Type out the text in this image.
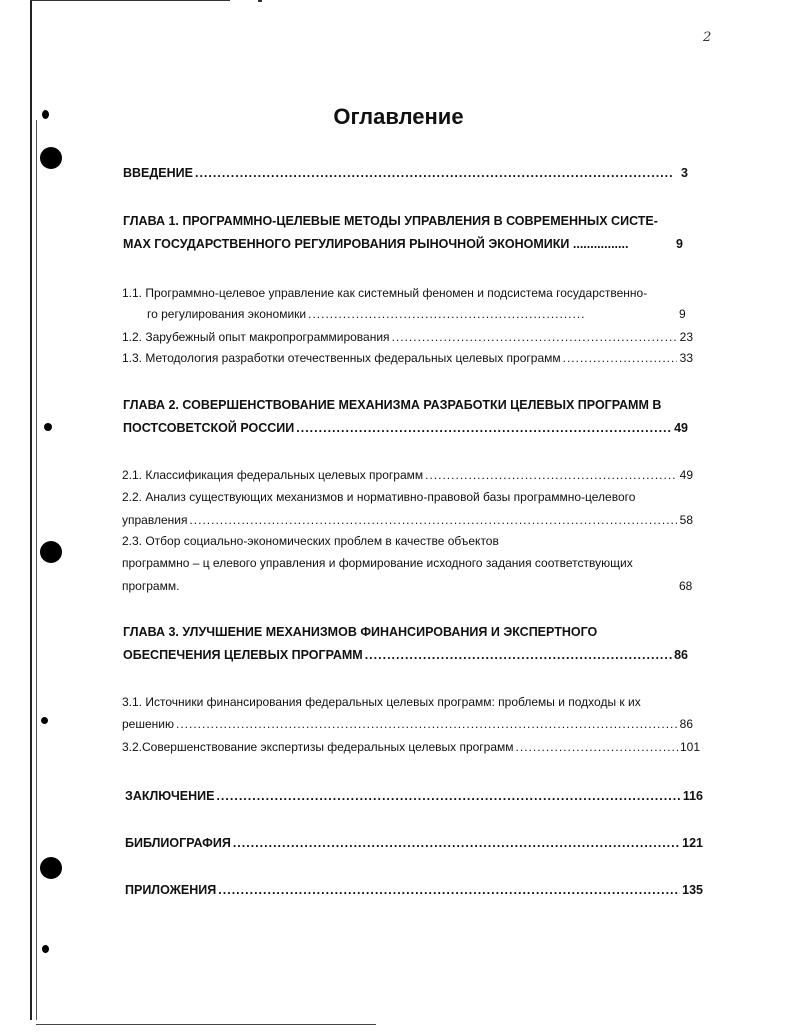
2
Оглавление
ВВЕДЕНИЕ .....	3
ГЛАВА 1. ПРОГРАММНО-ЦЕЛЕВЫЕ МЕТОДЫ УПРАВЛЕНИЯ В СОВРЕМЕННЫХ СИСТЕ-
МАХ ГОСУДАРСТВЕННОГО РЕГУЛИРОВАНИЯ РЫНОЧНОЙ ЭКОНОМИКИ ................	9
1.1. Программно-целевое управление как системный феномен и подсистема государственно-
го регулирования экономики .....	9
1.2. Зарубежный опыт макропрограммирования .....	23
1.3. Методология разработки отечественных федеральных целевых программ .....	33
ГЛАВА 2. СОВЕРШЕНСТВОВАНИЕ МЕХАНИЗМА РАЗРАБОТКИ ЦЕЛЕВЫХ ПРОГРАММ В
ПОСТСОВЕТСКОЙ РОССИИ .....	49
2.1. Классификация федеральных целевых программ .....	49
2.2. Анализ существующих механизмов и нормативно-правовой базы программно-целевого
управления .....	58
2.3. Отбор социально-экономических проблем в качестве объектов
программно – ц елевого управления и формирование исходного задания соответствующих
программ.	68
ГЛАВА 3. УЛУЧШЕНИЕ МЕХАНИЗМОВ ФИНАНСИРОВАНИЯ И ЭКСПЕРТНОГО
ОБЕСПЕЧЕНИЯ ЦЕЛЕВЫХ ПРОГРАММ .....	86
3.1. Источники финансирования федеральных целевых программ: проблемы и подходы к их
решению .....	86
3.2.Совершенствование экспертизы федеральных целевых программ .....	101
ЗАКЛЮЧЕНИЕ .....	116
БИБЛИОГРАФИЯ .....	121
ПРИЛОЖЕНИЯ .....	135
